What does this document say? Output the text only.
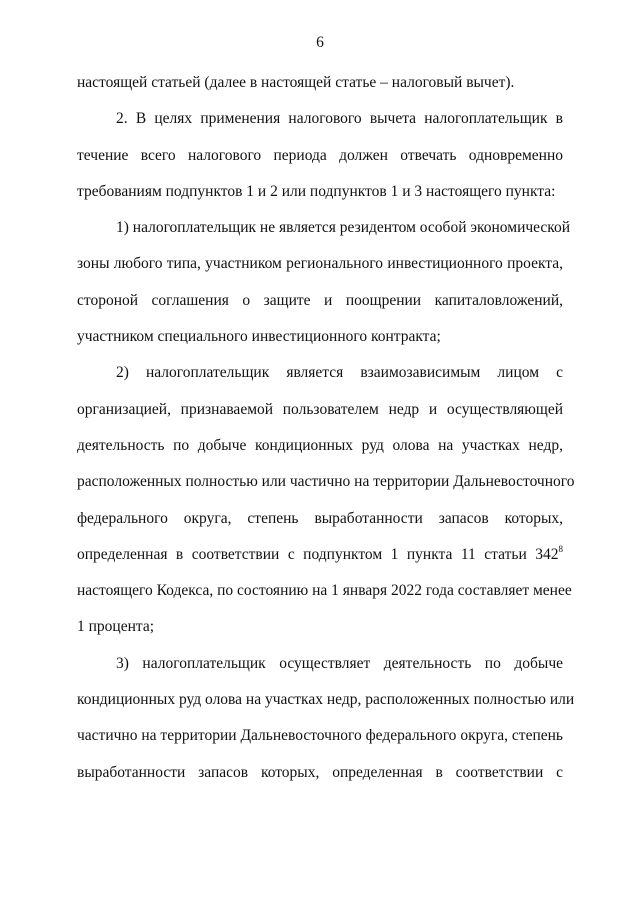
6
настоящей статьей (далее в настоящей статье – налоговый вычет).
2. В целях применения налогового вычета налогоплательщик в
течение всего налогового периода должен отвечать одновременно
требованиям подпунктов 1 и 2 или подпунктов 1 и 3 настоящего пункта:
1) налогоплательщик не является резидентом особой экономической
зоны любого типа, участником регионального инвестиционного проекта,
стороной соглашения о защите и поощрении капиталовложений,
участником специального инвестиционного контракта;
2) налогоплательщик является взаимозависимым лицом с
организацией, признаваемой пользователем недр и осуществляющей
деятельность по добыче кондиционных руд олова на участках недр,
расположенных полностью или частично на территории Дальневосточного
федерального округа, степень выработанности запасов которых,
определенная в соответствии с подпунктом 1 пункта 11 статьи $342^8$
настоящего Кодекса, по состоянию на 1 января 2022 года составляет менее
1 процента;
3) налогоплательщик осуществляет деятельность по добыче
кондиционных руд олова на участках недр, расположенных полностью или
частично на территории Дальневосточного федерального округа, степень
выработанности запасов которых, определенная в соответствии с
